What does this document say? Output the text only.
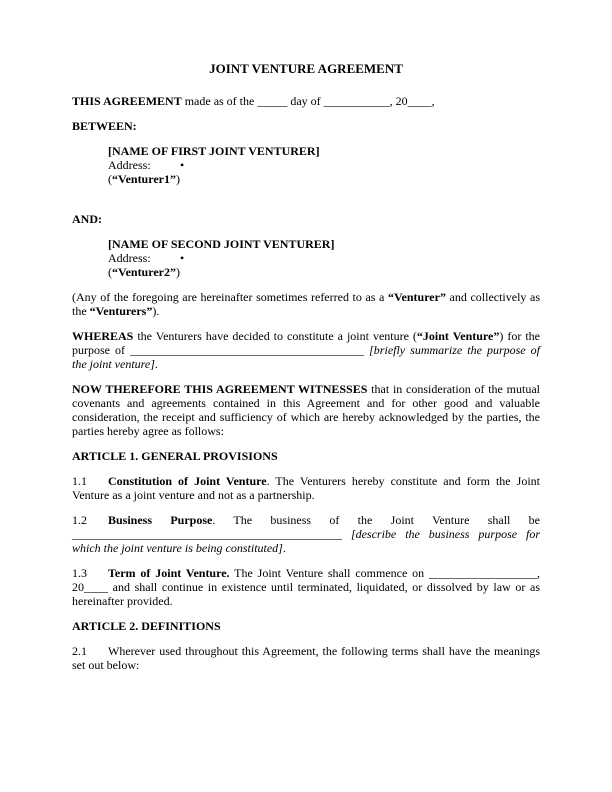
JOINT VENTURE AGREEMENT

THIS AGREEMENT made as of the _____ day of ___________, 20____,

BETWEEN:

[NAME OF FIRST JOINT VENTURER]
Address: •
(“Venturer1”)

AND:

[NAME OF SECOND JOINT VENTURER]
Address: •
(“Venturer2”)

(Any of the foregoing are hereinafter sometimes referred to as a “Venturer” and collectively as the “Venturers”).

WHEREAS the Venturers have decided to constitute a joint venture (“Joint Venture”) for the purpose of _______________________________________ [briefly summarize the purpose of the joint venture].

NOW THEREFORE THIS AGREEMENT WITNESSES that in consideration of the mutual covenants and agreements contained in this Agreement and for other good and valuable consideration, the receipt and sufficiency of which are hereby acknowledged by the parties, the parties hereby agree as follows:

ARTICLE 1. GENERAL PROVISIONS

1.1 Constitution of Joint Venture. The Venturers hereby constitute and form the Joint Venture as a joint venture and not as a partnership.

1.2 Business Purpose. The business of the Joint Venture shall be _____________________________________________ [describe the business purpose for which the joint venture is being constituted].

1.3 Term of Joint Venture. The Joint Venture shall commence on __________________, 20____ and shall continue in existence until terminated, liquidated, or dissolved by law or as hereinafter provided.

ARTICLE 2. DEFINITIONS

2.1 Wherever used throughout this Agreement, the following terms shall have the meanings set out below:
